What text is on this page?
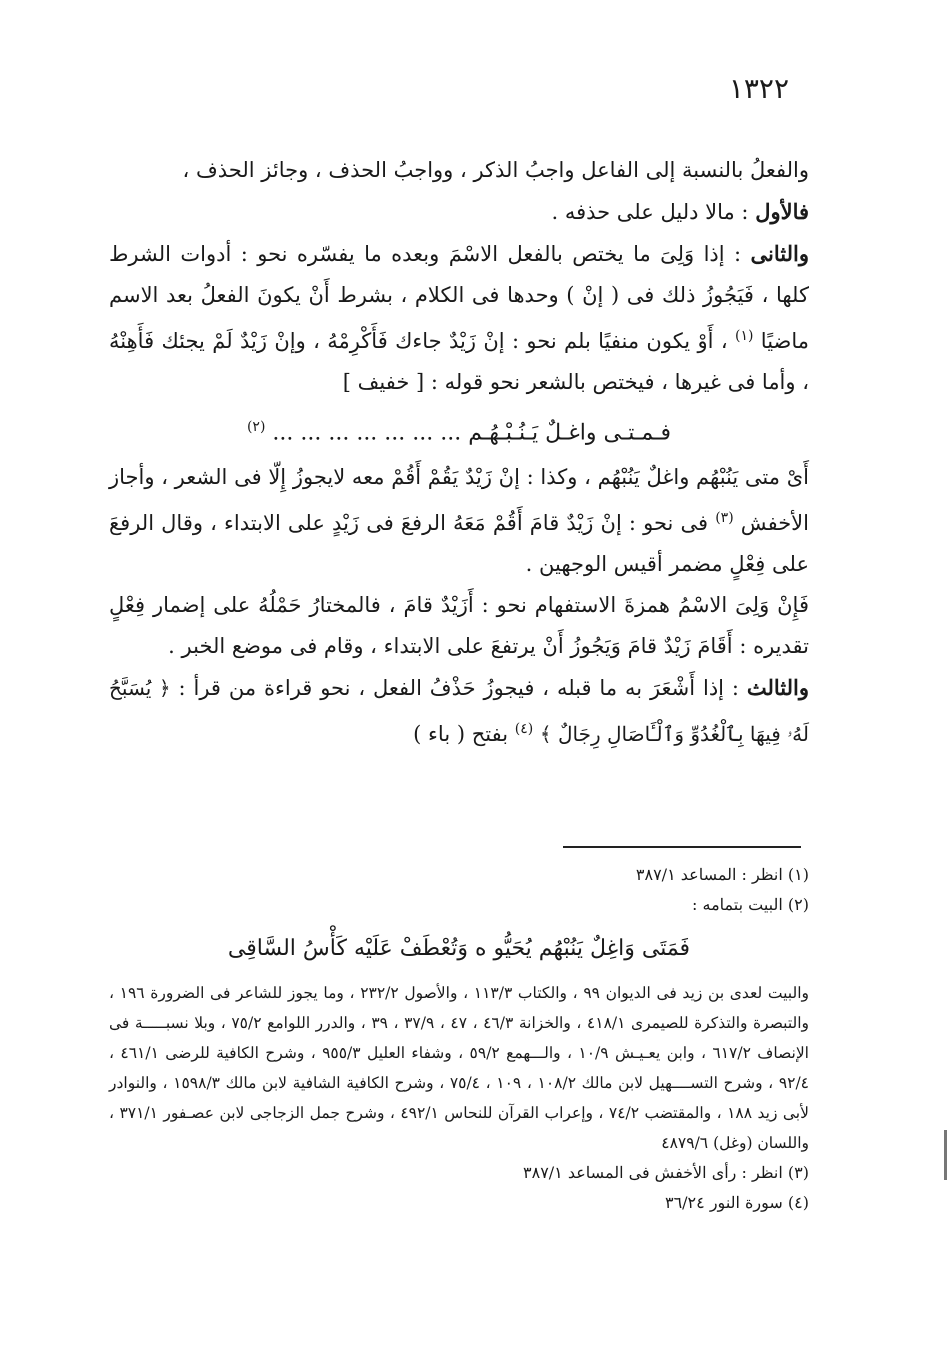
١٣٢٢

والفعلُ بالنسبة إلى الفاعل واجبُ الذكر ، وواجبُ الحذف ، وجائز الحذف ،

فالأول : مالا دليل على حذفه .

والثانى : إذا وَلِىَ ما يختص بالفعل الاسْمَ وبعده ما يفسّره نحو : أدوات الشرط كلها ، فَيَجُوزُ ذلك فى ( إنْ ) وحدها فى الكلام ، بشرط أَنْ يكونَ الفعلُ بعد الاسم ماضيًا $^{(١)}$ ، أَوْ يكون منفيًا بلم نحو : إنْ زَيْدٌ جاءك فَأَكْرِمْهُ ، وإنْ زَيْدٌ لَمْ يجئك فَأَهِنْهُ ، وأما فى غيرها ، فيختص بالشعر نحو قوله : [ خفيف ]

فـمـتـى واغـلٌ يَـنُـبْـهُـم ... ... ... ... ... ... ... $^{(٢)}$

أَىْ متى يَنُبْهُم واغلٌ يَنُبْهُم ، وكذا : إنْ زَيْدٌ يَقُمْ أَقُمْ معه لايجوزُ إِلّا فى الشعر ، وأجاز الأخفش $^{(٣)}$ فى نحو : إنْ زَيْدٌ قامَ أَقُمْ مَعَهُ الرفعَ فى زَيْدٍ على الابتداء ، وقال الرفعَ على فِعْلٍ مضمر أقيس الوجهين .

فَإِنْ وَلِىَ الاسْمُ همزةَ الاستفهام نحو : أَزَيْدٌ قامَ ، فالمختارُ حَمْلُهُ على إضمار فِعْلٍ تقديره : أَقَامَ زَيْدٌ قامَ وَيَجُوزُ أَنْ يرتفعَ على الابتداء ، وقام فى موضع الخبر .

والثالث : إذا أَشْعَرَ به ما قبله ، فيجوزُ حَذْفُ الفعل ، نحو قراءة من قرأ : ﴿ يُسَبَّحُ لَهُۥ فِيهَا بِٱلْغُدُوِّ وَٱلْـَٔاصَالِ رِجَالٌ ﴾ $^{(٤)}$ بفتح ( باء )

(١) انظر : المساعد ٣٨٧/١

(٢) البيت بتمامه :

فَمَتَى وَاغِلٌ يَنُبْهُم يُحَيُّو ه وَتُعْطَفْ عَلَيْه كَأْسُ السَّاقِى

والبيت لعدى بن زيد فى الديوان ٩٩ ، والكتاب ١١٣/٣ ، والأصول ٢٣٢/٢ ، وما يجوز للشاعر فى الضرورة ١٩٦ ، والتبصرة والتذكرة للصيمرى ٤١٨/١ ، والخزانة ٤٦/٣ ، ٤٧ ، ٣٧/٩ ، ٣٩ ، والدرر اللوامع ٧٥/٢ ، وبلا نسبـــــة فى الإنصاف ٦١٧/٢ ، وابن يعـيـش ١٠/٩ ، والـــهمع ٥٩/٢ ، وشفاء العليل ٩٥٥/٣ ، وشرح الكافية للرضى ٤٦١/١ ، ٩٢/٤ ، وشرح التســــهيل لابن مالك ١٠٨/٢ ، ١٠٩ ، ٧٥/٤ ، وشرح الكافية الشافية لابن مالك ١٥٩٨/٣ ، والنوادر لأبى زيد ١٨٨ ، والمقتضب ٧٤/٢ ، وإعراب القرآن للنحاس ٤٩٢/١ ، وشرح جمل الزجاجى لابن عصـفور ٣٧١/١ ، واللسان (وغل) ٤٨٧٩/٦

(٣) انظر : رأى الأخفش فى المساعد ٣٨٧/١

(٤) سورة النور ٣٦/٢٤
